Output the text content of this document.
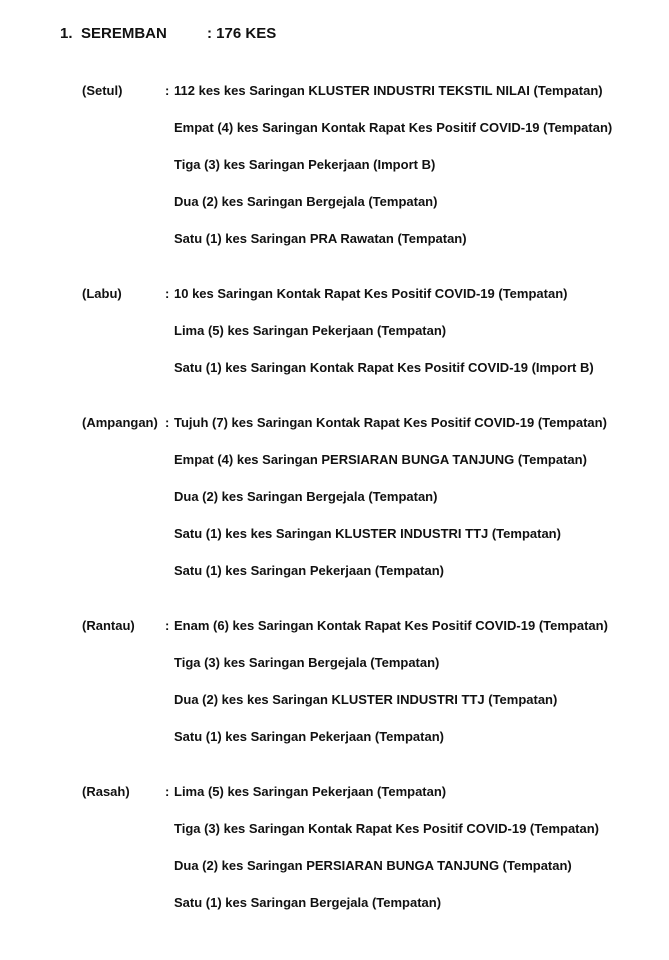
1. SEREMBAN	: 176 KES
(Setul)	: 112 kes kes Saringan KLUSTER INDUSTRI TEKSTIL NILAI (Tempatan)
Empat (4) kes Saringan Kontak Rapat Kes Positif COVID-19 (Tempatan)
Tiga (3) kes Saringan Pekerjaan (Import B)
Dua (2) kes Saringan Bergejala (Tempatan)
Satu (1) kes Saringan PRA Rawatan (Tempatan)
(Labu)	: 10 kes Saringan Kontak Rapat Kes Positif COVID-19 (Tempatan)
Lima (5) kes Saringan Pekerjaan (Tempatan)
Satu (1) kes Saringan Kontak Rapat Kes Positif COVID-19 (Import B)
(Ampangan) : Tujuh (7) kes Saringan Kontak Rapat Kes Positif COVID-19 (Tempatan)
Empat (4) kes Saringan PERSIARAN BUNGA TANJUNG (Tempatan)
Dua (2) kes Saringan Bergejala (Tempatan)
Satu (1) kes kes Saringan KLUSTER INDUSTRI TTJ (Tempatan)
Satu (1) kes Saringan Pekerjaan (Tempatan)
(Rantau) : Enam (6) kes Saringan Kontak Rapat Kes Positif COVID-19 (Tempatan)
Tiga (3) kes Saringan Bergejala (Tempatan)
Dua (2) kes kes Saringan KLUSTER INDUSTRI TTJ (Tempatan)
Satu (1) kes Saringan Pekerjaan (Tempatan)
(Rasah)	: Lima (5) kes Saringan Pekerjaan (Tempatan)
Tiga (3) kes Saringan Kontak Rapat Kes Positif COVID-19 (Tempatan)
Dua (2) kes Saringan PERSIARAN BUNGA TANJUNG (Tempatan)
Satu (1) kes Saringan Bergejala (Tempatan)
